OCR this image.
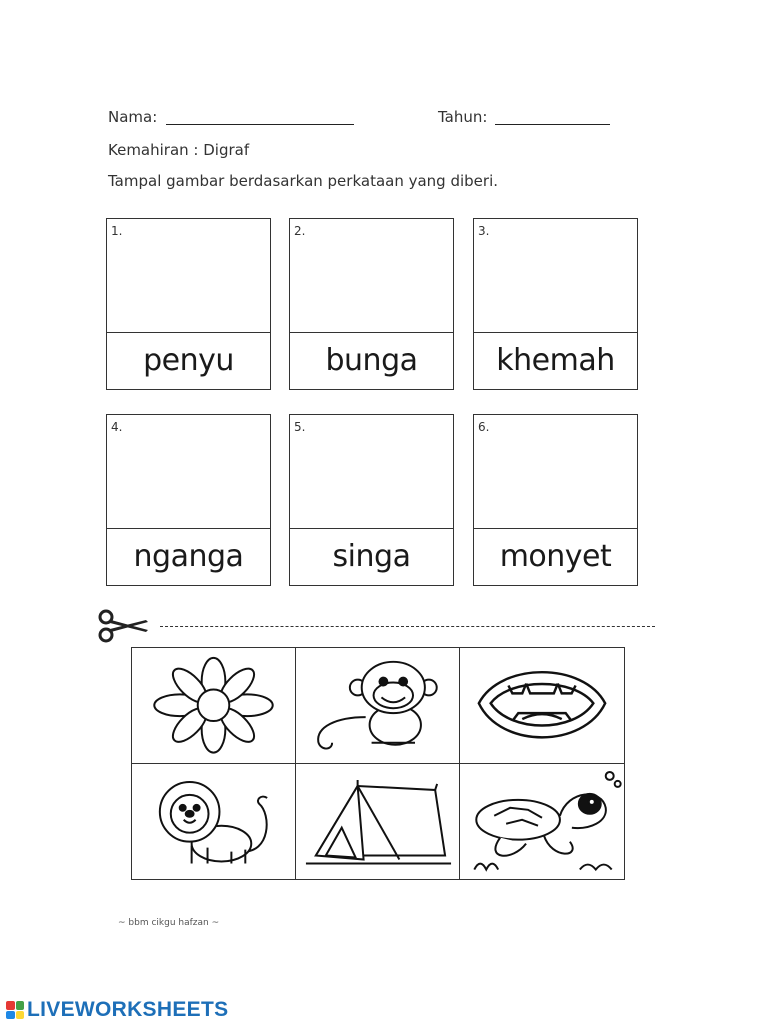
Nama:	Tahun:
Kemahiran : Digraf
Tampal gambar berdasarkan perkataan yang diberi.
1.
penyu
2.
bunga
3.
khemah
4.
nganga
5.
singa
6.
monyet
~ bbm cikgu hafzan ~
LIVEWORKSHEETS
